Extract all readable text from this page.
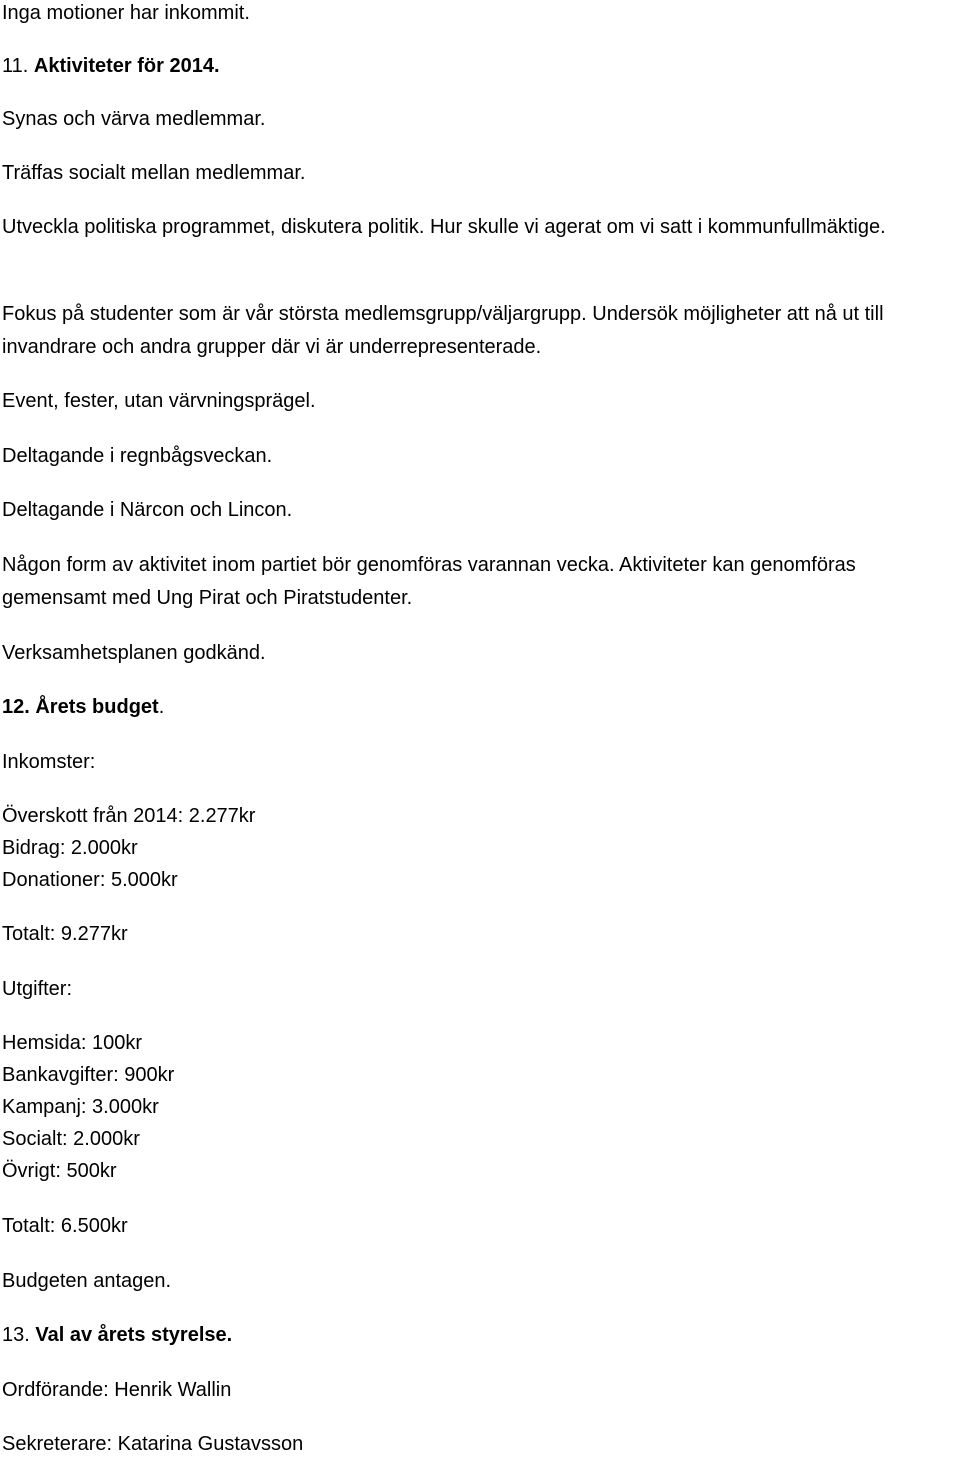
Inga motioner har inkommit.
11. Aktiviteter för 2014.
Synas och värva medlemmar.
Träffas socialt mellan medlemmar.
Utveckla politiska programmet, diskutera politik. Hur skulle vi agerat om vi satt i kommunfullmäktige.
Fokus på studenter som är vår största medlemsgrupp/väljargrupp. Undersök möjligheter att nå ut till invandrare och andra grupper där vi är underrepresenterade.
Event, fester, utan värvningsprägel.
Deltagande i regnbågsveckan.
Deltagande i Närcon och Lincon.
Någon form av aktivitet inom partiet bör genomföras varannan vecka. Aktiviteter kan genomföras gemensamt med Ung Pirat och Piratstudenter.
Verksamhetsplanen godkänd.
12. Årets budget.
Inkomster:
Överskott från 2014: 2.277kr
Bidrag: 2.000kr
Donationer: 5.000kr
Totalt: 9.277kr
Utgifter:
Hemsida: 100kr
Bankavgifter: 900kr
Kampanj: 3.000kr
Socialt: 2.000kr
Övrigt: 500kr
Totalt: 6.500kr
Budgeten antagen.
13. Val av årets styrelse.
Ordförande: Henrik Wallin
Sekreterare: Katarina Gustavsson
